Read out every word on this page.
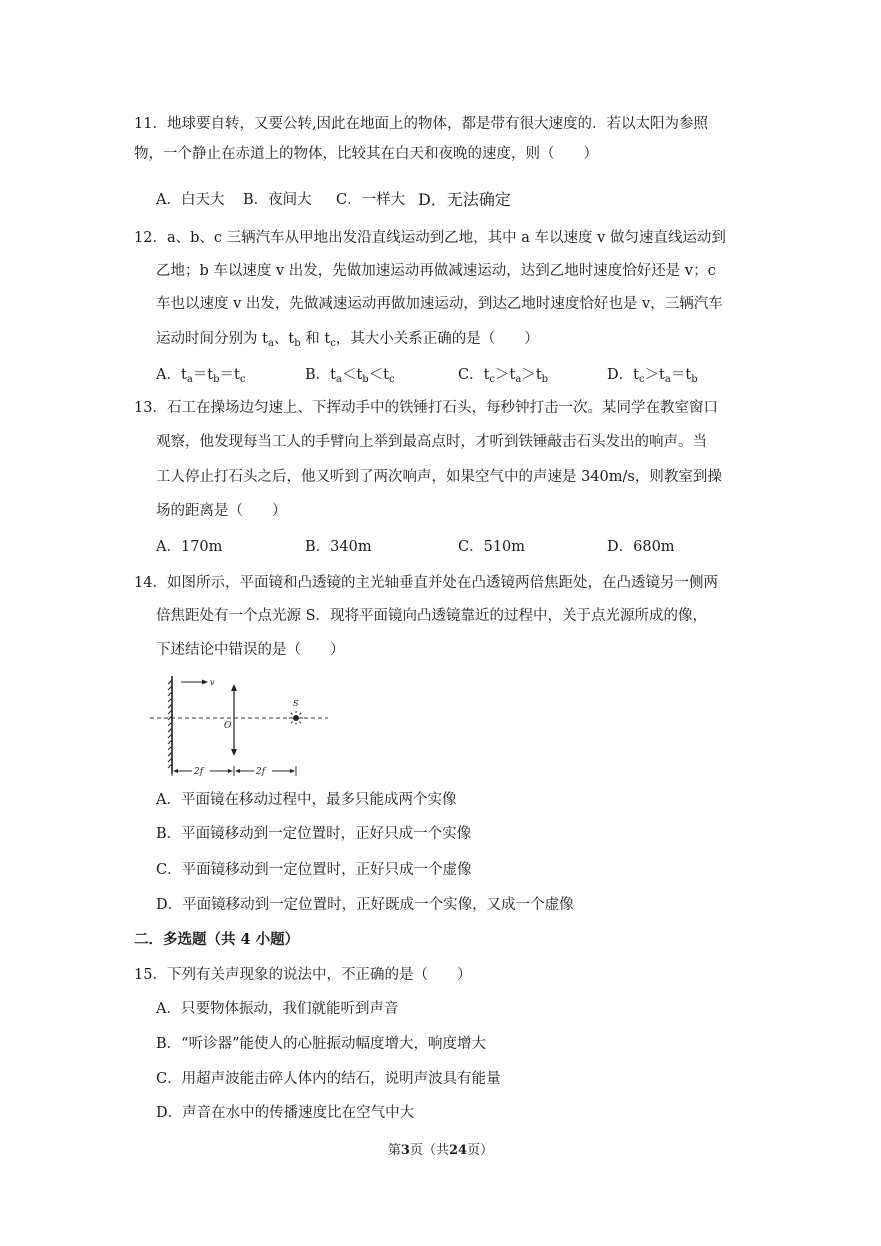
11．地球要自转，又要公转,因此在地面上的物体，都是带有很大速度的．若以太阳为参照
物，一个静止在赤道上的物体，比较其在白天和夜晚的速度，则（　　）
A．白天大 B．夜间大 C．一样大 D．无法确定
12．a、b、c 三辆汽车从甲地出发沿直线运动到乙地，其中 a 车以速度 v 做匀速直线运动到
乙地；b 车以速度 v 出发，先做加速运动再做减速运动，达到乙地时速度恰好还是 v；c
车也以速度 v 出发，先做减速运动再做加速运动，到达乙地时速度恰好也是 v，三辆汽车
运动时间分别为 $t_a$、$t_b$ 和 $t_c$，其大小关系正确的是（　　）
A．$t_a=t_b=t_c$	B．$t_a<t_b<t_c$	C．$t_c>t_a>t_b$	D．$t_c>t_a=t_b$
13．石工在操场边匀速上、下挥动手中的铁锤打石头，每秒钟打击一次。某同学在教室窗口
观察，他发现每当工人的手臂向上举到最高点时，才听到铁锤敲击石头发出的响声。当
工人停止打石头之后，他又听到了两次响声，如果空气中的声速是 340m/s，则教室到操
场的距离是（　　）
A．170m	B．340m	C．510m	D．680m
14．如图所示，平面镜和凸透镜的主光轴垂直并处在凸透镜两倍焦距处，在凸透镜另一侧两
倍焦距处有一个点光源 S．现将平面镜向凸透镜靠近的过程中，关于点光源所成的像，
下述结论中错误的是（　　）
v
O
S
2f	2f
A．平面镜在移动过程中，最多只能成两个实像
B．平面镜移动到一定位置时，正好只成一个实像
C．平面镜移动到一定位置时，正好只成一个虚像
D．平面镜移动到一定位置时，正好既成一个实像，又成一个虚像
二．多选题（共 4 小题）
15．下列有关声现象的说法中，不正确的是（　　）
A．只要物体振动，我们就能听到声音
B．“听诊器”能使人的心脏振动幅度增大，响度增大
C．用超声波能击碎人体内的结石，说明声波具有能量
D．声音在水中的传播速度比在空气中大
第3页（共24页）
